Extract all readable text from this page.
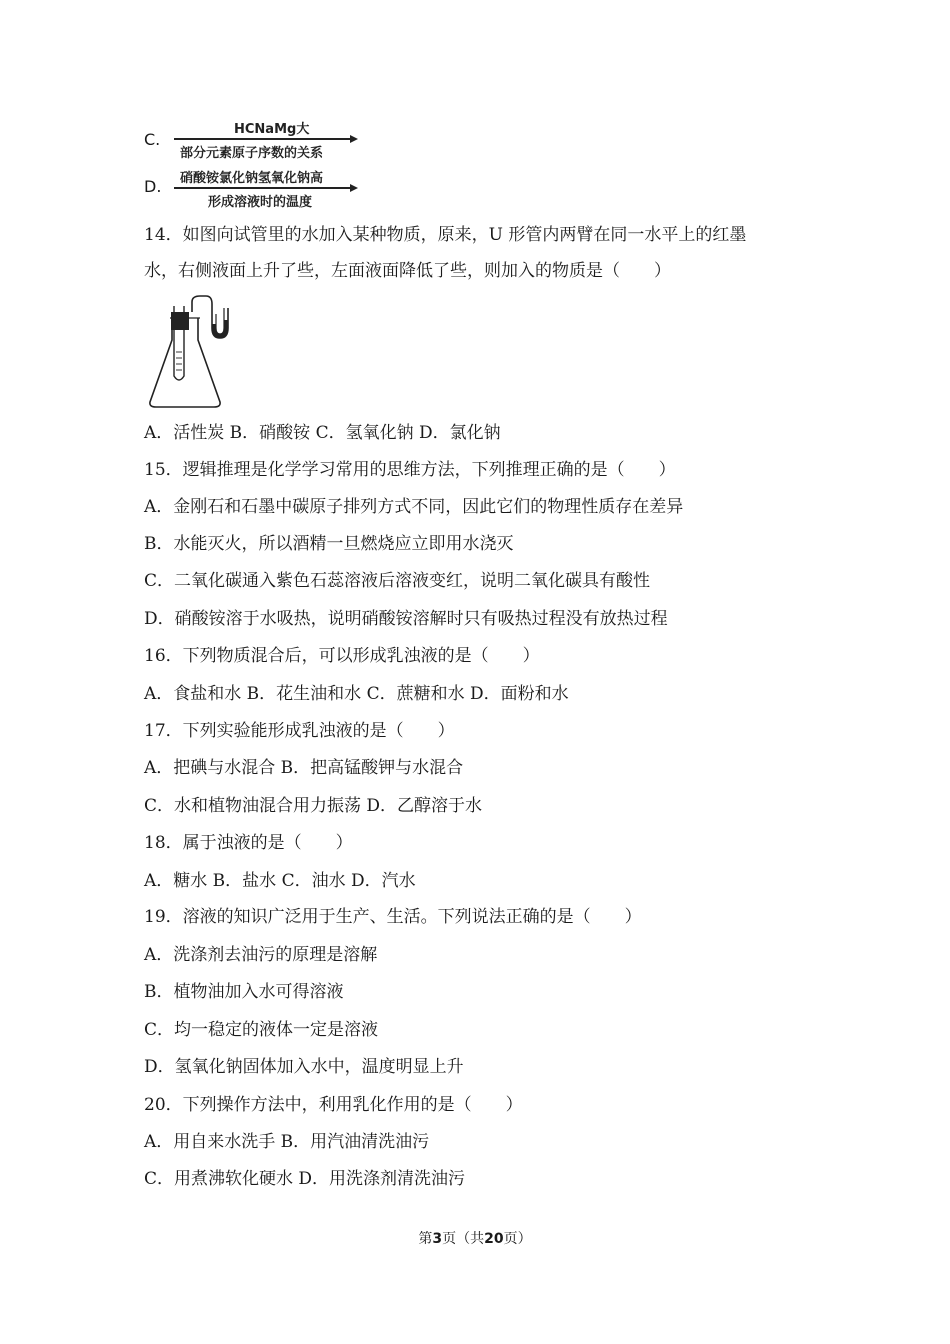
C.
HCNaMg大
部分元素原子序数的关系
D. 硝酸铵氯化钠氢氧化钠高
形成溶液时的温度
14．如图向试管里的水加入某种物质，原来，U 形管内两臂在同一水平上的红墨
水，右侧液面上升了些，左面液面降低了些，则加入的物质是（　　）
A．活性炭 B．硝酸铵 C．氢氧化钠 D．氯化钠
15．逻辑推理是化学学习常用的思维方法，下列推理正确的是（　　）
A．金刚石和石墨中碳原子排列方式不同，因此它们的物理性质存在差异
B．水能灭火，所以酒精一旦燃烧应立即用水浇灭
C．二氧化碳通入紫色石蕊溶液后溶液变红，说明二氧化碳具有酸性
D．硝酸铵溶于水吸热，说明硝酸铵溶解时只有吸热过程没有放热过程
16．下列物质混合后，可以形成乳浊液的是（　　）
A．食盐和水 B．花生油和水 C．蔗糖和水 D．面粉和水
17．下列实验能形成乳浊液的是（　　）
A．把碘与水混合 B．把高锰酸钾与水混合
C．水和植物油混合用力振荡 D．乙醇溶于水
18．属于浊液的是（　　）
A．糖水 B．盐水 C．油水 D．汽水
19．溶液的知识广泛用于生产、生活。下列说法正确的是（　　）
A．洗涤剂去油污的原理是溶解
B．植物油加入水可得溶液
C．均一稳定的液体一定是溶液
D．氢氧化钠固体加入水中，温度明显上升
20．下列操作方法中，利用乳化作用的是（　　）
A．用自来水洗手 B．用汽油清洗油污
C．用煮沸软化硬水 D．用洗涤剂清洗油污
第3页（共20页）
